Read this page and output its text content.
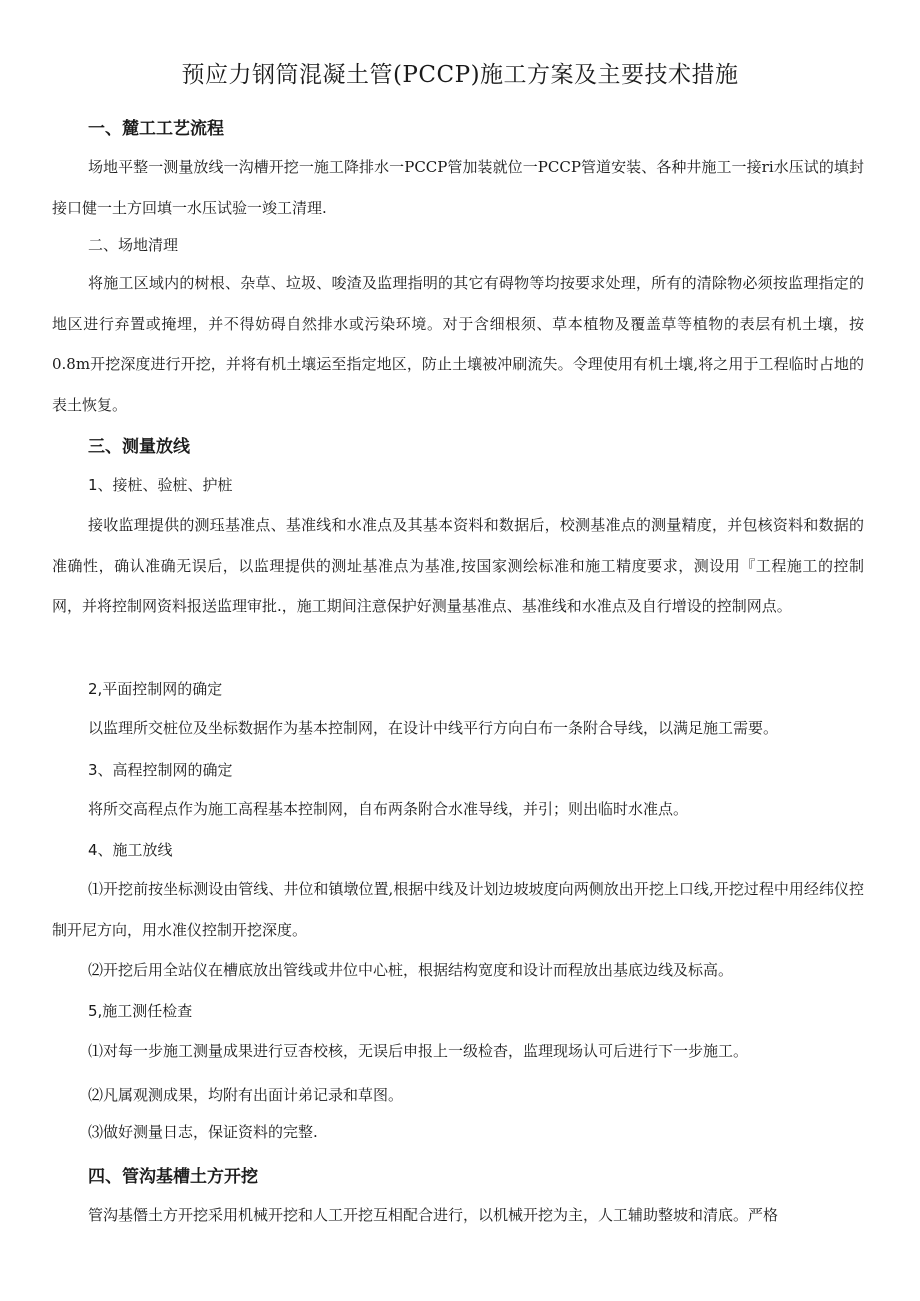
预应力钢筒混凝土管(PCCP)施工方案及主要技术措施
一、麓工工艺流程

场地平整一测量放线一沟槽开挖一施工降排水一PCCP管加装就位一PCCP管道安装、各种井施工一接ri水压试的填封接口健一土方回填一水压试验一竣工清理.

二、场地清理

将施工区域内的树根、杂草、垃圾、唆渣及监理指明的其它有碍物等均按要求处理，所有的清除物必须按监理指定的地区进行弃置或掩埋，并不得妨碍自然排水或污染环境。对于含细根须、草本植物及覆盖草等植物的表层有机土壤，按0.8m开挖深度进行开挖，并将有机土壤运至指定地区，防止土壤被冲刷流失。令理使用有机土壤,将之用于工程临时占地的表土恢复。

三、测量放线
1、接桩、验桩、护桩

接收监理提供的测珏基准点、基准线和水准点及其基本资料和数据后，校测基准点的测量精度，并包核资料和数据的准确性，确认准确无误后，以监理提供的测址基准点为基准,按国家测绘标准和施工精度要求，测设用『工程施工的控制网，并将控制网资料报送监理审批.，施工期间注意保护好测量基准点、基准线和水准点及自行增设的控制网点。

2,平面控制网的确定

以监理所交桩位及坐标数据作为基本控制网，在设计中线平行方向白布一条附合导线，以满足施工需要。

3、高程控制网的确定

将所交高程点作为施工高程基本控制网，自布两条附合水准导线，并引；则出临时水准点。

4、施工放线

⑴开挖前按坐标测设由管线、井位和镇墩位置,根据中线及计划边坡坡度向两侧放出开挖上口线,开挖过程中用经纬仪控制开尼方向，用水准仪控制开挖深度。

⑵开挖后用全站仪在槽底放出管线或井位中心桩，根据结构宽度和设计而程放出基底边线及标高。

5,施工测任检查

⑴对每一步施工测量成果进行豆杳校核，无误后申报上一级检杳，监理现场认可后进行下一步施工。

⑵凡属观测成果，均附有出面计弟记录和草图。

⑶做好测量日志，保证资料的完整.

四、管沟基槽土方开挖

管沟基僭土方开挖采用机械开挖和人工开挖互相配合进行，以机械开挖为主，人工辅助整坡和清底。严格
